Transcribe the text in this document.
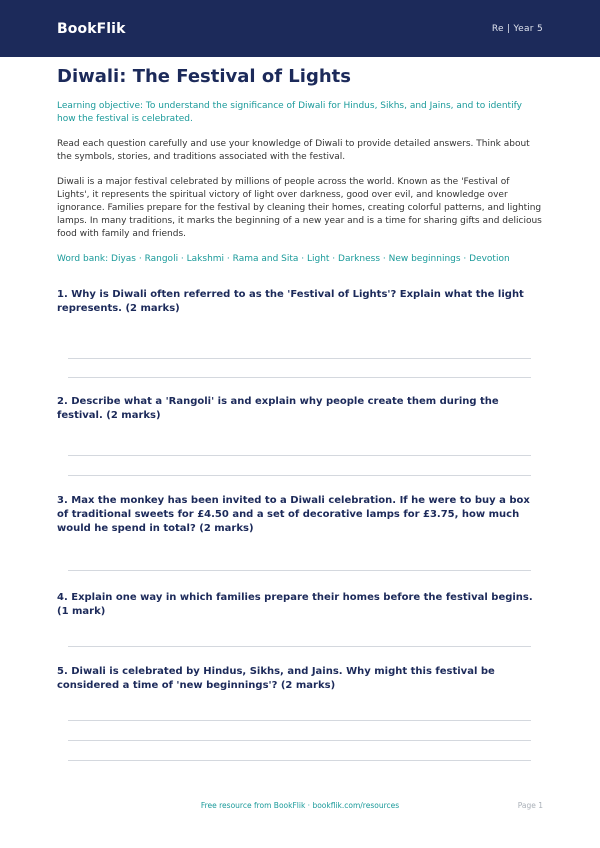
BookFlik	Re | Year 5
Diwali: The Festival of Lights
Learning objective: To understand the significance of Diwali for Hindus, Sikhs, and Jains, and to identify how the festival is celebrated.
Read each question carefully and use your knowledge of Diwali to provide detailed answers. Think about the symbols, stories, and traditions associated with the festival.
Diwali is a major festival celebrated by millions of people across the world. Known as the 'Festival of Lights', it represents the spiritual victory of light over darkness, good over evil, and knowledge over ignorance. Families prepare for the festival by cleaning their homes, creating colorful patterns, and lighting lamps. In many traditions, it marks the beginning of a new year and is a time for sharing gifts and delicious food with family and friends.
Word bank: Diyas · Rangoli · Lakshmi · Rama and Sita · Light · Darkness · New beginnings · Devotion
1. Why is Diwali often referred to as the 'Festival of Lights'? Explain what the light represents. (2 marks)
2. Describe what a 'Rangoli' is and explain why people create them during the festival. (2 marks)
3. Max the monkey has been invited to a Diwali celebration. If he were to buy a box of traditional sweets for £4.50 and a set of decorative lamps for £3.75, how much would he spend in total? (2 marks)
4. Explain one way in which families prepare their homes before the festival begins. (1 mark)
5. Diwali is celebrated by Hindus, Sikhs, and Jains. Why might this festival be considered a time of 'new beginnings'? (2 marks)
Free resource from BookFlik · bookflik.com/resources	Page 1
